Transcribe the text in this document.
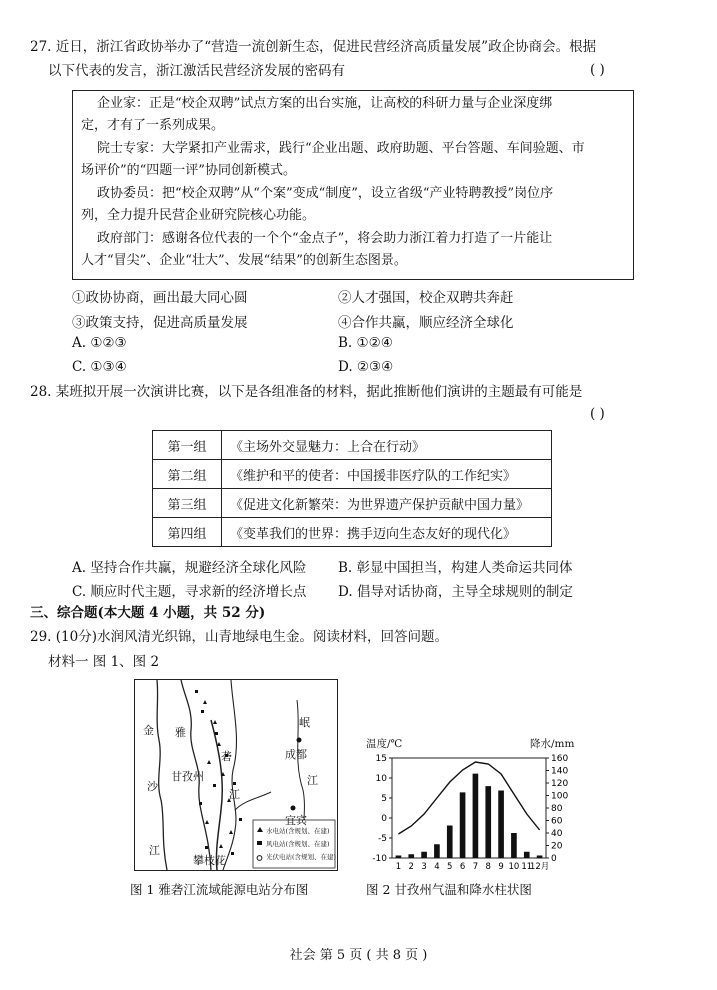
27. 近日，浙江省政协举办了“营造一流创新生态，促进民营经济高质量发展”政企协商会。根据
以下代表的发言，浙江激活民营经济发展的密码有	( )
企业家：正是“校企双聘”试点方案的出台实施，让高校的科研力量与企业深度绑
定，才有了一系列成果。
院士专家：大学紧扣产业需求，践行“企业出题、政府助题、平台答题、车间验题、市
场评价”的“四题一评”协同创新模式。
政协委员：把“校企双聘”从“个案”变成“制度”，设立省级“产业特聘教授”岗位序
列，全力提升民营企业研究院核心功能。
政府部门：感谢各位代表的一个个“金点子”，将会助力浙江着力打造了一片能让
人才“冒尖”、企业“壮大”、发展“结果”的创新生态图景。
①政协协商，画出最大同心圆	②人才强国，校企双聘共奔赶
③政策支持，促进高质量发展	④合作共赢，顺应经济全球化
A. ①②③	B. ①②④
C. ①③④	D. ②③④
28. 某班拟开展一次演讲比赛，以下是各组准备的材料，据此推断他们演讲的主题最有可能是
( )
第一组	《主场外交显魅力：上合在行动》
第二组	《维护和平的使者：中国援非医疗队的工作纪实》
第三组	《促进文化新繁荣：为世界遗产保护贡献中国力量》
第四组	《变革我们的世界：携手迈向生态友好的现代化》
A. 坚持合作共赢，规避经济全球化风险 B. 彰显中国担当，构建人类命运共同体
C. 顺应时代主题，寻求新的经济增长点 D. 倡导对话协商，主导全球规则的制定
三、综合题(本大题 4 小题，共 52 分)
29. (10分)水润风清光织锦，山青地绿电生金。阅读材料，回答问题。
材料一 图 1、图 2
金
沙
江
雅
砻
江
甘孜州
岷
成都
江
宜宾
攀枝花
水电站(含规划、在建)
风电站(含规划、在建)
光伏电站(含规划、在建)
图 1 雅砻江流域能源电站分布图
温度/℃	降水/mm
15
10
5
0
-5
-10
160
140
120
100
80
60
40
20
0
1 2 3 4 5 6 7 8 9 10 11
12月
图 2 甘孜州气温和降水柱状图
社会 第 5 页 ( 共 8 页 )
